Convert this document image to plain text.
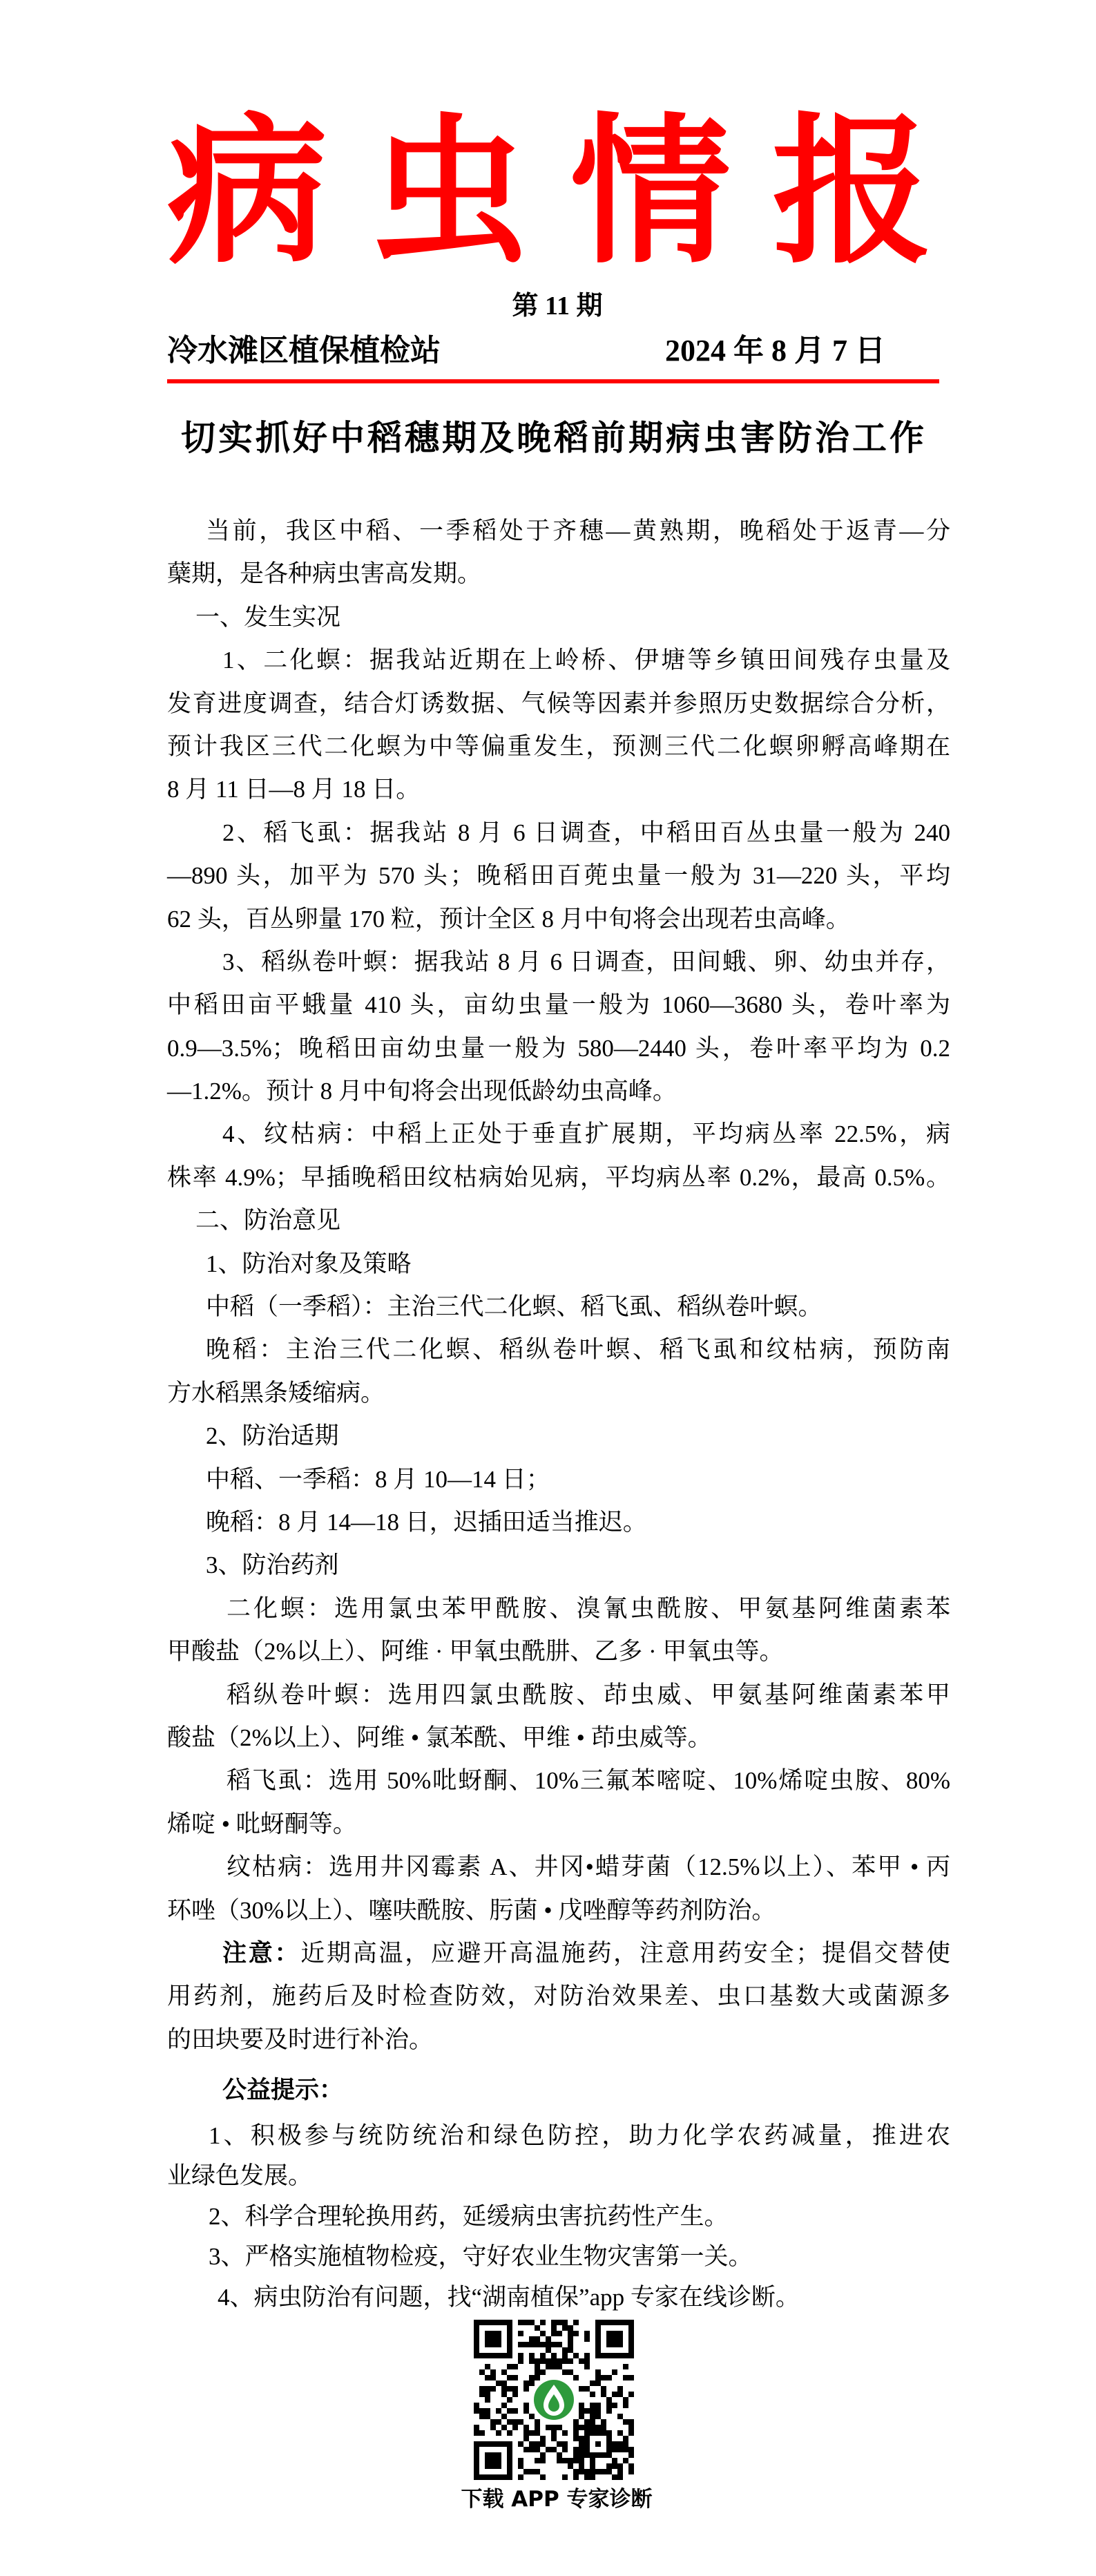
病虫情报
第 11 期
冷水滩区植保植检站	2024 年 8 月 7 日
切实抓好中稻穗期及晚稻前期病虫害防治工作
当前，我区中稻、一季稻处于齐穗—黄熟期，晚稻处于返青—分
蘖期，是各种病虫害高发期。
一、发生实况
1、二化螟：据我站近期在上岭桥、伊塘等乡镇田间残存虫量及
发育进度调查，结合灯诱数据、气候等因素并参照历史数据综合分析，
预计我区三代二化螟为中等偏重发生，预测三代二化螟卵孵高峰期在
8 月 11 日—8 月 18 日。
2、稻飞虱：据我站 8 月 6 日调查，中稻田百丛虫量一般为 240
—890 头，加平为 570 头；晚稻田百蔸虫量一般为 31—220 头，平均
62 头，百丛卵量 170 粒，预计全区 8 月中旬将会出现若虫高峰。
3、稻纵卷叶螟：据我站 8 月 6 日调查，田间蛾、卵、幼虫并存，
中稻田亩平蛾量 410 头，亩幼虫量一般为 1060—3680 头，卷叶率为
0.9—3.5%；晚稻田亩幼虫量一般为 580—2440 头，卷叶率平均为 0.2
—1.2%。预计 8 月中旬将会出现低龄幼虫高峰。
4、纹枯病：中稻上正处于垂直扩展期，平均病丛率 22.5%，病
株率 4.9%；早插晚稻田纹枯病始见病，平均病丛率 0.2%，最高 0.5%。
二、防治意见
1、防治对象及策略
中稻（一季稻）：主治三代二化螟、稻飞虱、稻纵卷叶螟。
晚稻：主治三代二化螟、稻纵卷叶螟、稻飞虱和纹枯病，预防南
方水稻黑条矮缩病。
2、防治适期
中稻、一季稻：8 月 10—14 日；
晚稻：8 月 14—18 日，迟插田适当推迟。
3、防治药剂
二化螟：选用氯虫苯甲酰胺、溴氰虫酰胺、甲氨基阿维菌素苯
甲酸盐（2%以上）、阿维 · 甲氧虫酰肼、乙多 · 甲氧虫等。
稻纵卷叶螟：选用四氯虫酰胺、茚虫威、甲氨基阿维菌素苯甲
酸盐（2%以上）、阿维 • 氯苯酰、甲维 • 茚虫威等。
稻飞虱：选用 50%吡蚜酮、10%三氟苯嘧啶、10%烯啶虫胺、80%
烯啶 • 吡蚜酮等。
纹枯病：选用井冈霉素 A、井冈•蜡芽菌（12.5%以上）、苯甲 • 丙
环唑（30%以上）、噻呋酰胺、肟菌 • 戊唑醇等药剂防治。
注意：近期高温，应避开高温施药，注意用药安全；提倡交替使
用药剂，施药后及时检查防效，对防治效果差、虫口基数大或菌源多
的田块要及时进行补治。
公益提示：
1、积极参与统防统治和绿色防控，助力化学农药减量，推进农
业绿色发展。
2、科学合理轮换用药，延缓病虫害抗药性产生。
3、严格实施植物检疫，守好农业生物灾害第一关。
4、病虫防治有问题，找“湖南植保”app 专家在线诊断。
下载 APP 专家诊断
